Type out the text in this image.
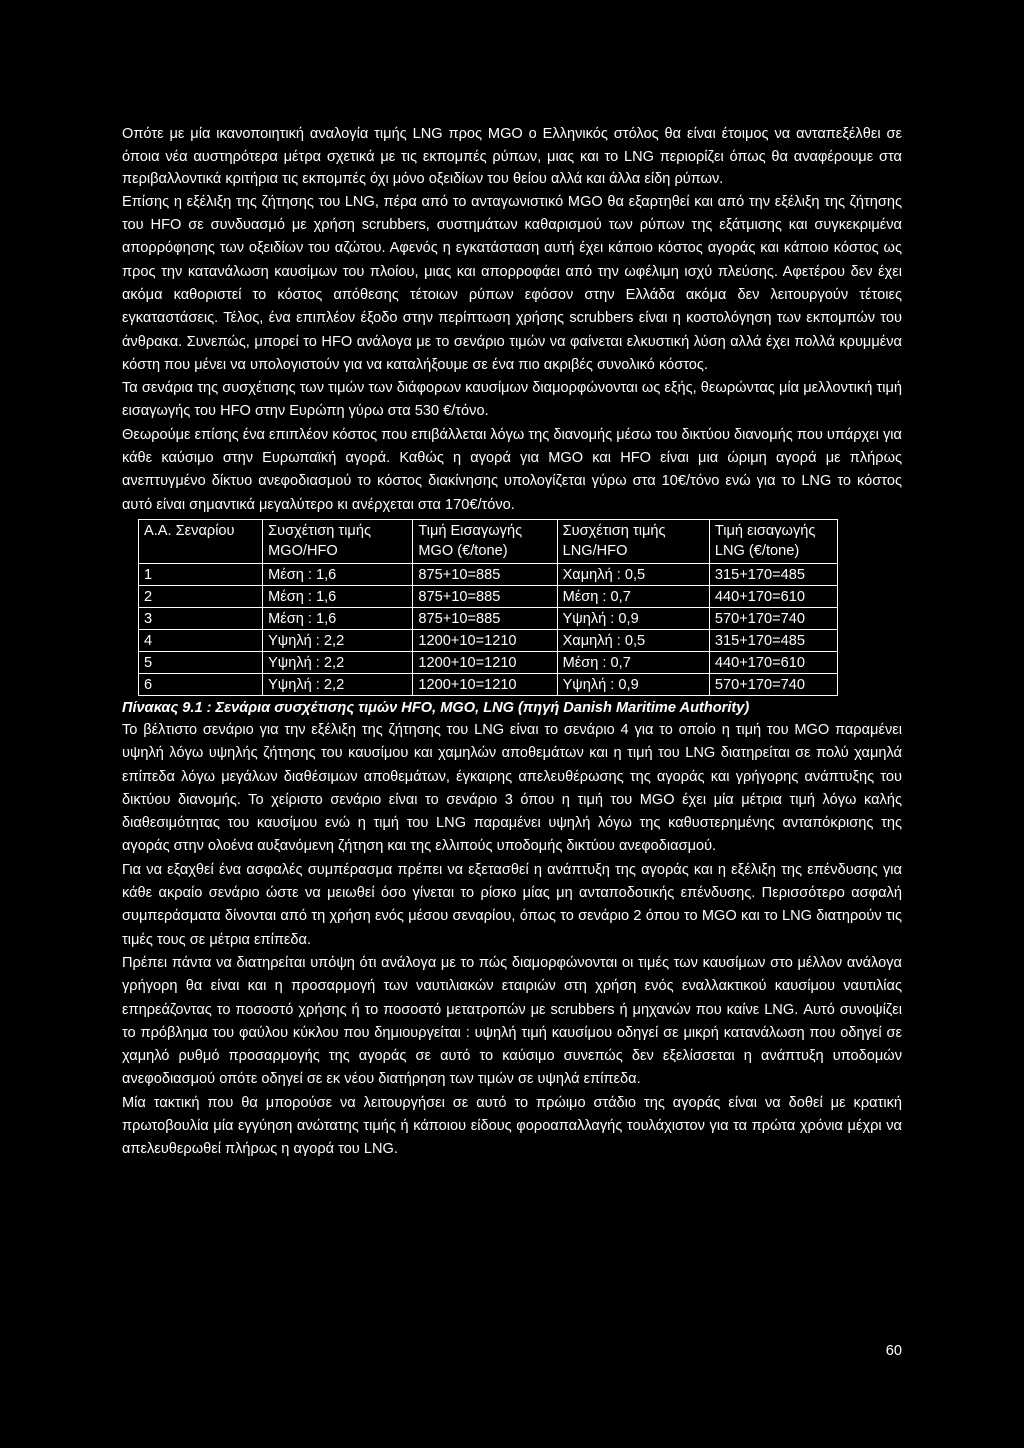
Οπότε με μία ικανοποιητική αναλογία τιμής LNG προς MGO ο Ελληνικός στόλος θα είναι έτοιμος να ανταπεξέλθει σε όποια νέα αυστηρότερα μέτρα σχετικά με τις εκπομπές ρύπων, μιας και το LNG περιορίζει όπως θα αναφέρουμε στα περιβαλλοντικά κριτήρια τις εκπομπές όχι μόνο οξειδίων του θείου αλλά και άλλα είδη ρύπων.

Επίσης η εξέλιξη της ζήτησης του LNG, πέρα από το ανταγωνιστικό MGO θα εξαρτηθεί και από την εξέλιξη της ζήτησης του HFO σε συνδυασμό με χρήση scrubbers, συστημάτων καθαρισμού των ρύπων της εξάτμισης και συγκεκριμένα απορρόφησης των οξειδίων του αζώτου. Αφενός η εγκατάσταση αυτή έχει κάποιο κόστος αγοράς και κάποιο κόστος ως προς την κατανάλωση καυσίμων του πλοίου, μιας και απορροφάει από την ωφέλιμη ισχύ πλεύσης. Αφετέρου δεν έχει ακόμα καθοριστεί το κόστος απόθεσης τέτοιων ρύπων εφόσον στην Ελλάδα ακόμα δεν λειτουργούν τέτοιες εγκαταστάσεις. Τέλος, ένα επιπλέον έξοδο στην περίπτωση χρήσης scrubbers είναι η κοστολόγηση των εκπομπών του άνθρακα. Συνεπώς, μπορεί το HFO ανάλογα με το σενάριο τιμών να φαίνεται ελκυστική λύση αλλά έχει πολλά κρυμμένα κόστη που μένει να υπολογιστούν για να καταλήξουμε σε ένα πιο ακριβές συνολικό κόστος.

Τα σενάρια της συσχέτισης των τιμών των διάφορων καυσίμων διαμορφώνονται ως εξής, θεωρώντας μία μελλοντική τιμή εισαγωγής του HFO στην Ευρώπη γύρω στα 530 €/τόνο.

Θεωρούμε επίσης ένα επιπλέον κόστος που επιβάλλεται λόγω της διανομής μέσω του δικτύου διανομής που υπάρχει για κάθε καύσιμο στην Ευρωπαϊκή αγορά. Καθώς η αγορά για MGO και HFO είναι μια ώριμη αγορά με πλήρως ανεπτυγμένο δίκτυο ανεφοδιασμού το κόστος διακίνησης υπολογίζεται γύρω στα 10€/τόνο ενώ για το LNG το κόστος αυτό είναι σημαντικά μεγαλύτερο κι ανέρχεται στα 170€/τόνο.

Α.Α. Σεναρίου	Συσχέτιση τιμής MGO/HFO	Τιμή Εισαγωγής MGO (€/tone)	Συσχέτιση τιμής LNG/HFO	Τιμή εισαγωγής LNG (€/tone)
1	Μέση : 1,6	875+10=885	Χαμηλή : 0,5	315+170=485
2	Μέση : 1,6	875+10=885	Μέση : 0,7	440+170=610
3	Μέση : 1,6	875+10=885	Υψηλή : 0,9	570+170=740
4	Υψηλή : 2,2	1200+10=1210	Χαμηλή : 0,5	315+170=485
5	Υψηλή : 2,2	1200+10=1210	Μέση : 0,7	440+170=610
6	Υψηλή : 2,2	1200+10=1210	Υψηλή : 0,9	570+170=740

Πίνακας 9.1 : Σενάρια συσχέτισης τιμών HFO, MGO, LNG (πηγή Danish Maritime Authority)

Το βέλτιστο σενάριο για την εξέλιξη της ζήτησης του LNG είναι το σενάριο 4 για το οποίο η τιμή του MGO παραμένει υψηλή λόγω υψηλής ζήτησης του καυσίμου και χαμηλών αποθεμάτων και η τιμή του LNG διατηρείται σε πολύ χαμηλά επίπεδα λόγω μεγάλων διαθέσιμων αποθεμάτων, έγκαιρης απελευθέρωσης της αγοράς και γρήγορης ανάπτυξης του δικτύου διανομής. Το χείριστο σενάριο είναι το σενάριο 3 όπου η τιμή του MGO έχει μία μέτρια τιμή λόγω καλής διαθεσιμότητας του καυσίμου ενώ η τιμή του LNG παραμένει υψηλή λόγω της καθυστερημένης ανταπόκρισης της αγοράς στην ολοένα αυξανόμενη ζήτηση και της ελλιπούς υποδομής δικτύου ανεφοδιασμού.

Για να εξαχθεί ένα ασφαλές συμπέρασμα πρέπει να εξετασθεί η ανάπτυξη της αγοράς και η εξέλιξη της επένδυσης για κάθε ακραίο σενάριο ώστε να μειωθεί όσο γίνεται το ρίσκο μίας μη ανταποδοτικής επένδυσης. Περισσότερο ασφαλή συμπεράσματα δίνονται από τη χρήση ενός μέσου σεναρίου, όπως το σενάριο 2 όπου το MGO και το LNG διατηρούν τις τιμές τους σε μέτρια επίπεδα.

Πρέπει πάντα να διατηρείται υπόψη ότι ανάλογα με το πώς διαμορφώνονται οι τιμές των καυσίμων στο μέλλον ανάλογα γρήγορη θα είναι και η προσαρμογή των ναυτιλιακών εταιριών στη χρήση ενός εναλλακτικού καυσίμου ναυτιλίας επηρεάζοντας το ποσοστό χρήσης ή το ποσοστό μετατροπών με scrubbers ή μηχανών που καίνε LNG. Αυτό συνοψίζει το πρόβλημα του φαύλου κύκλου που δημιουργείται : υψηλή τιμή καυσίμου οδηγεί σε μικρή κατανάλωση που οδηγεί σε χαμηλό ρυθμό προσαρμογής της αγοράς σε αυτό το καύσιμο συνεπώς δεν εξελίσσεται η ανάπτυξη υποδομών ανεφοδιασμού οπότε οδηγεί σε εκ νέου διατήρηση των τιμών σε υψηλά επίπεδα.

Μία τακτική που θα μπορούσε να λειτουργήσει σε αυτό το πρώιμο στάδιο της αγοράς είναι να δοθεί με κρατική πρωτοβουλία μία εγγύηση ανώτατης τιμής ή κάποιου είδους φοροαπαλλαγής τουλάχιστον για τα πρώτα χρόνια μέχρι να απελευθερωθεί πλήρως η αγορά του LNG.

60
